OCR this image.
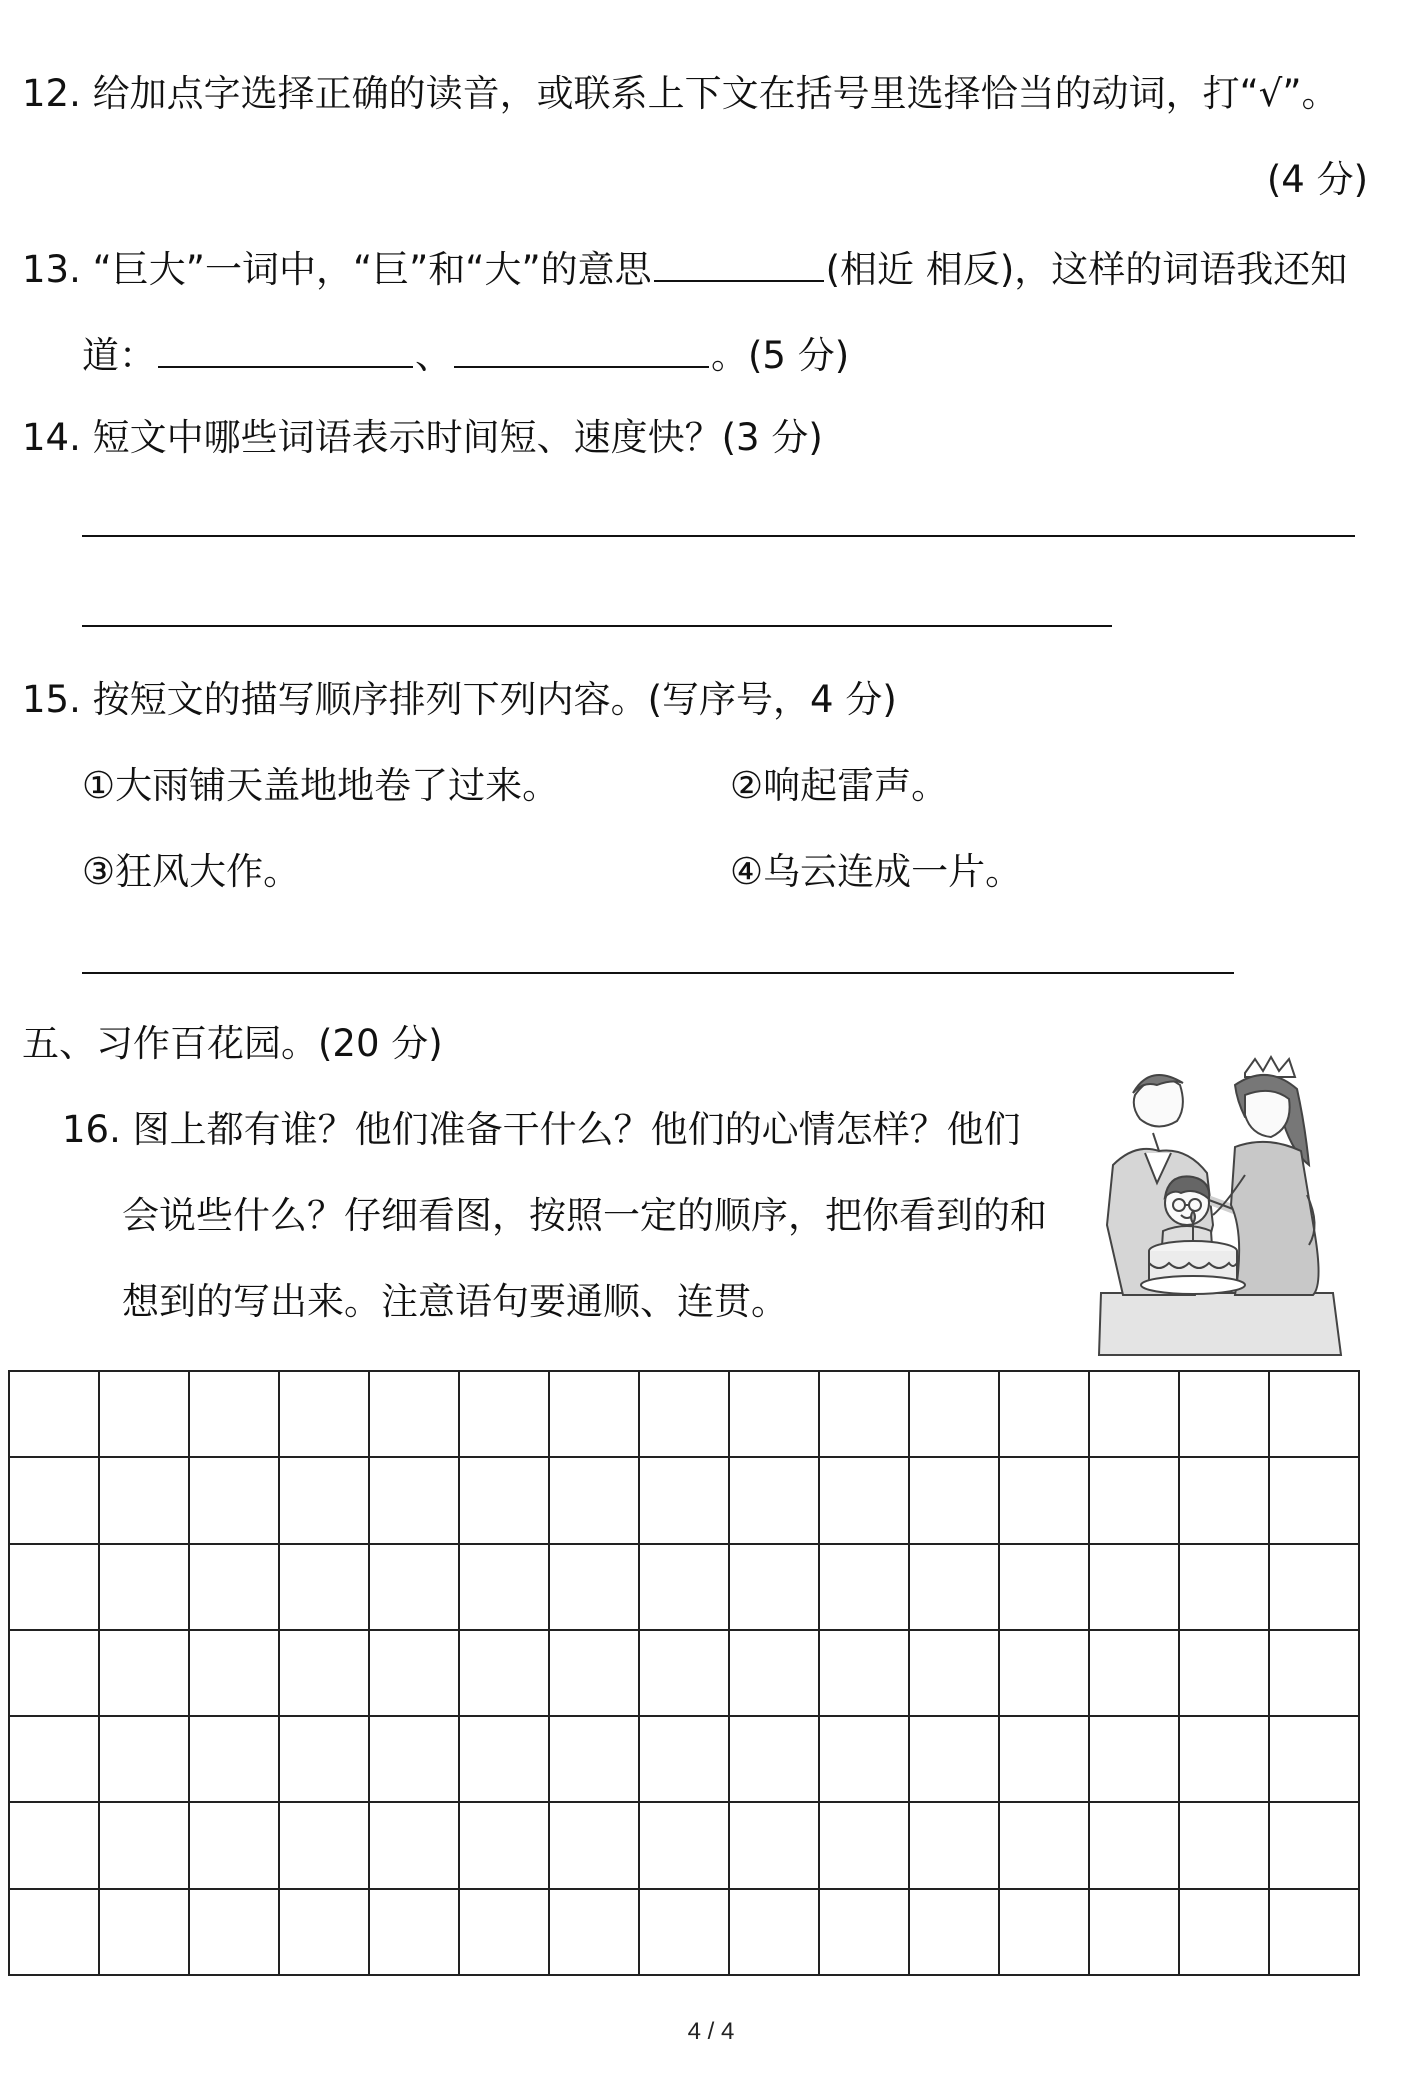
12. 给加点字选择正确的读音，或联系上下文在括号里选择恰当的动词，打“√”。
(4 分)
13. “巨大”一词中，“巨”和“大”的意思	(相近 相反)，这样的词语我还知
道：	、	。(5 分)
14. 短文中哪些词语表示时间短、速度快？(3 分)
15. 按短文的描写顺序排列下列内容。(写序号，4 分)
①大雨铺天盖地地卷了过来。	②响起雷声。
③狂风大作。	④乌云连成一片。
五、习作百花园。(20 分)
16. 图上都有谁？他们准备干什么？他们的心情怎样？他们
会说些什么？仔细看图，按照一定的顺序，把你看到的和
想到的写出来。注意语句要通顺、连贯。

4 / 4
